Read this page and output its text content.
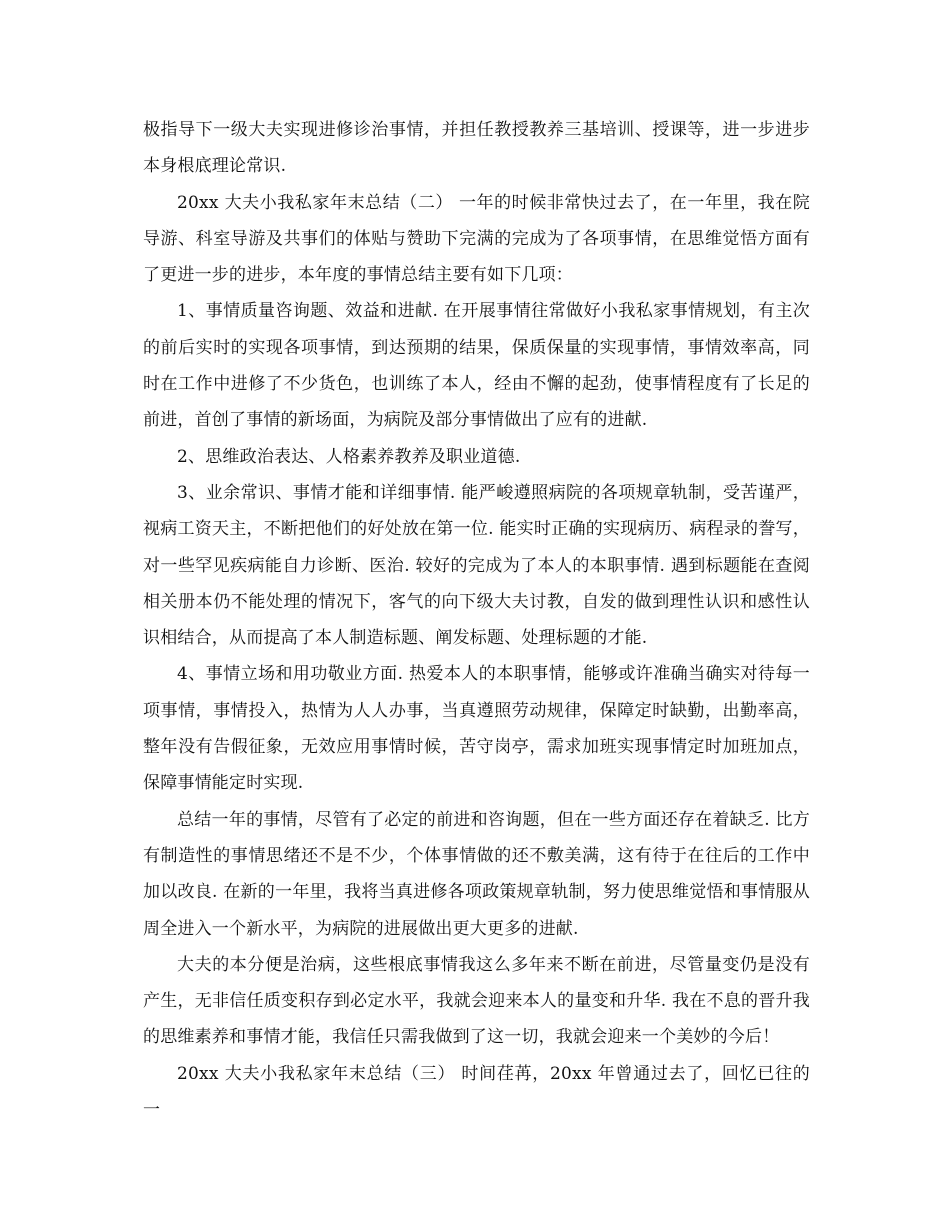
极指导下一级大夫实现进修诊治事情，并担任教授教养三基培训、授课等，进一步进步本身根底理论常识.

20xx 大夫小我私家年末总结（二） 一年的时候非常快过去了，在一年里，我在院导游、科室导游及共事们的体贴与赞助下完满的完成为了各项事情，在思维觉悟方面有了更进一步的进步，本年度的事情总结主要有如下几项：

1、事情质量咨询题、效益和进献. 在开展事情往常做好小我私家事情规划，有主次的前后实时的实现各项事情，到达预期的结果，保质保量的实现事情，事情效率高，同时在工作中进修了不少货色，也训练了本人，经由不懈的起劲，使事情程度有了长足的前进，首创了事情的新场面，为病院及部分事情做出了应有的进献.

2、思维政治表达、人格素养教养及职业道德.

3、业余常识、事情才能和详细事情. 能严峻遵照病院的各项规章轨制，受苦谨严，视病工资天主，不断把他们的好处放在第一位. 能实时正确的实现病历、病程录的誊写，对一些罕见疾病能自力诊断、医治. 较好的完成为了本人的本职事情. 遇到标题能在查阅相关册本仍不能处理的情况下，客气的向下级大夫讨教，自发的做到理性认识和感性认识相结合，从而提高了本人制造标题、阐发标题、处理标题的才能.

4、事情立场和用功敬业方面. 热爱本人的本职事情，能够或许准确当确实对待每一项事情，事情投入，热情为人人办事，当真遵照劳动规律，保障定时缺勤，出勤率高，整年没有告假征象，无效应用事情时候，苦守岗亭，需求加班实现事情定时加班加点，保障事情能定时实现.

总结一年的事情，尽管有了必定的前进和咨询题，但在一些方面还存在着缺乏. 比方有制造性的事情思绪还不是不少，个体事情做的还不敷美满，这有待于在往后的工作中加以改良. 在新的一年里，我将当真进修各项政策规章轨制，努力使思维觉悟和事情服从周全进入一个新水平，为病院的进展做出更大更多的进献.

大夫的本分便是治病，这些根底事情我这么多年来不断在前进，尽管量变仍是没有产生，无非信任质变积存到必定水平，我就会迎来本人的量变和升华. 我在不息的晋升我的思维素养和事情才能，我信任只需我做到了这一切，我就会迎来一个美妙的今后！

20xx 大夫小我私家年末总结（三） 时间荏苒，20xx 年曾通过去了，回忆已往的一
